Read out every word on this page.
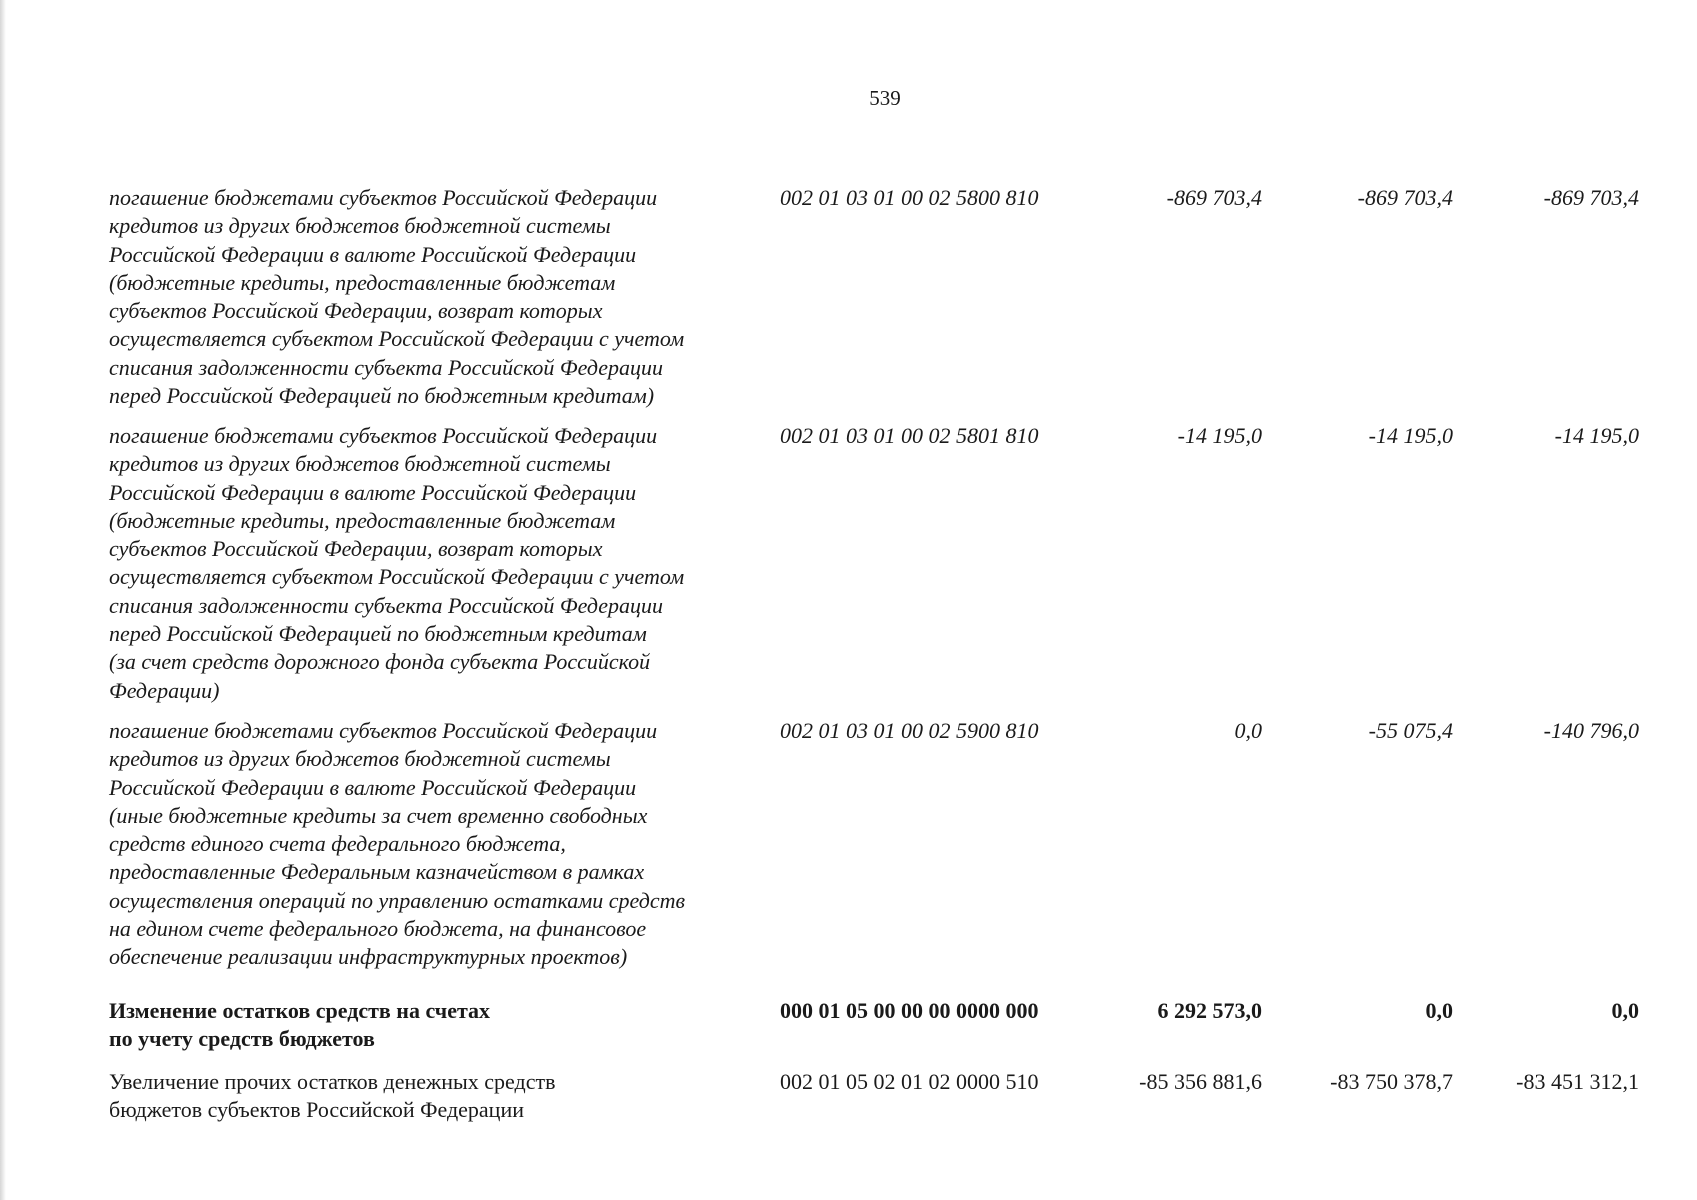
539
погашение бюджетами субъектов Российской Федерации
кредитов из других бюджетов бюджетной системы
Российской Федерации в валюте Российской Федерации
(бюджетные кредиты, предоставленные бюджетам
субъектов Российской Федерации, возврат которых
осуществляется субъектом Российской Федерации с учетом
списания задолженности субъекта Российской Федерации
перед Российской Федерацией по бюджетным кредитам)
002 01 03 01 00 02 5800 810	-869 703,4	-869 703,4	-869 703,4
погашение бюджетами субъектов Российской Федерации
кредитов из других бюджетов бюджетной системы
Российской Федерации в валюте Российской Федерации
(бюджетные кредиты, предоставленные бюджетам
субъектов Российской Федерации, возврат которых
осуществляется субъектом Российской Федерации с учетом
списания задолженности субъекта Российской Федерации
перед Российской Федерацией по бюджетным кредитам
(за счет средств дорожного фонда субъекта Российской
Федерации)
002 01 03 01 00 02 5801 810	-14 195,0	-14 195,0	-14 195,0
погашение бюджетами субъектов Российской Федерации
кредитов из других бюджетов бюджетной системы
Российской Федерации в валюте Российской Федерации
(иные бюджетные кредиты за счет временно свободных
средств единого счета федерального бюджета,
предоставленные Федеральным казначейством в рамках
осуществления операций по управлению остатками средств
на едином счете федерального бюджета, на финансовое
обеспечение реализации инфраструктурных проектов)
002 01 03 01 00 02 5900 810	0,0	-55 075,4	-140 796,0
Изменение остатков средств на счетах
по учету средств бюджетов
000 01 05 00 00 00 0000 000	6 292 573,0	0,0	0,0
Увеличение прочих остатков денежных средств
бюджетов субъектов Российской Федерации
002 01 05 02 01 02 0000 510	-85 356 881,6	-83 750 378,7	-83 451 312,1
